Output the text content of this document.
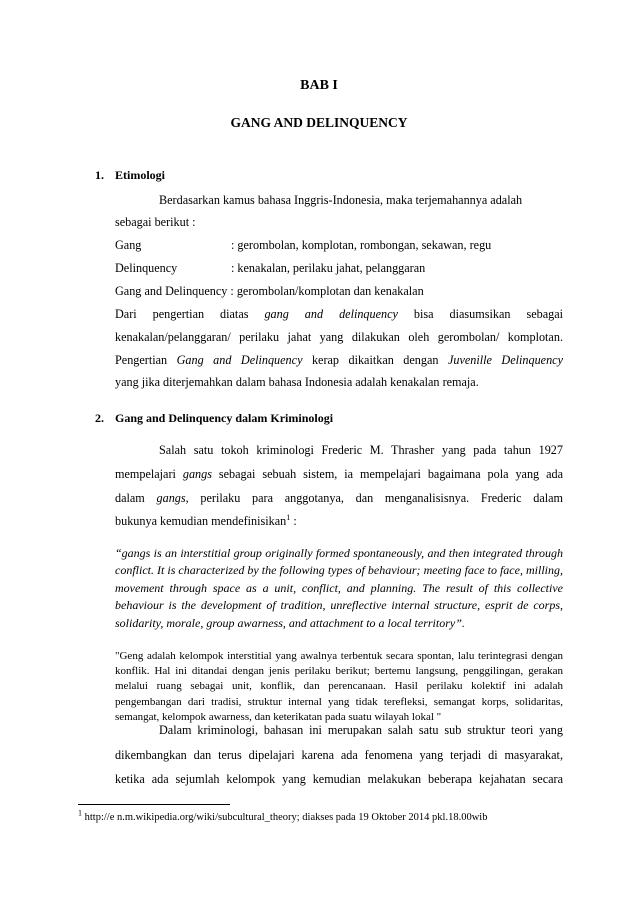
BAB I
GANG AND DELINQUENCY
1. Etimologi
Berdasarkan kamus bahasa Inggris-Indonesia, maka terjemahannya adalah
sebagai berikut :
Gang	: gerombolan, komplotan, rombongan, sekawan, regu
Delinquency	: kenakalan, perilaku jahat, pelanggaran
Gang and Delinquency : gerombolan/komplotan dan kenakalan
Dari pengertian diatas gang and delinquency bisa diasumsikan sebagai
kenakalan/pelanggaran/ perilaku jahat yang dilakukan oleh gerombolan/ komplotan.
Pengertian Gang and Delinquency kerap dikaitkan dengan Juvenille Delinquency
yang jika diterjemahkan dalam bahasa Indonesia adalah kenakalan remaja.
2. Gang and Delinquency dalam Kriminologi
Salah satu tokoh kriminologi Frederic M. Thrasher yang pada tahun 1927
mempelajari gangs sebagai sebuah sistem, ia mempelajari bagaimana pola yang ada
dalam gangs, perilaku para anggotanya, dan menganalisisnya. Frederic dalam
bukunya kemudian mendefinisikan$^1$ :

“gangs is an interstitial group originally formed spontaneously, and then integrated through conflict. It is characterized by the following types of behaviour; meeting face to face, milling, movement through space as a unit, conflict, and planning. The result of this collective behaviour is the development of tradition, unreflective internal structure, esprit de corps, solidarity, morale, group awarness, and attachment to a local territory”.

"Geng adalah kelompok interstitial yang awalnya terbentuk secara spontan, lalu terintegrasi dengan konflik. Hal ini ditandai dengan jenis perilaku berikut; bertemu langsung, penggilingan, gerakan melalui ruang sebagai unit, konflik, dan perencanaan. Hasil perilaku kolektif ini adalah pengembangan dari tradisi, struktur internal yang tidak terefleksi, semangat korps, solidaritas, semangat, kelompok awarness, dan keterikatan pada suatu wilayah lokal "

Dalam kriminologi, bahasan ini merupakan salah satu sub struktur teori yang
dikembangkan dan terus dipelajari karena ada fenomena yang terjadi di masyarakat,
ketika ada sejumlah kelompok yang kemudian melakukan beberapa kejahatan secara
$^1$ http://e n.m.wikipedia.org/wiki/subcultural_theory; diakses pada 19 Oktober 2014 pkl.18.00wib
